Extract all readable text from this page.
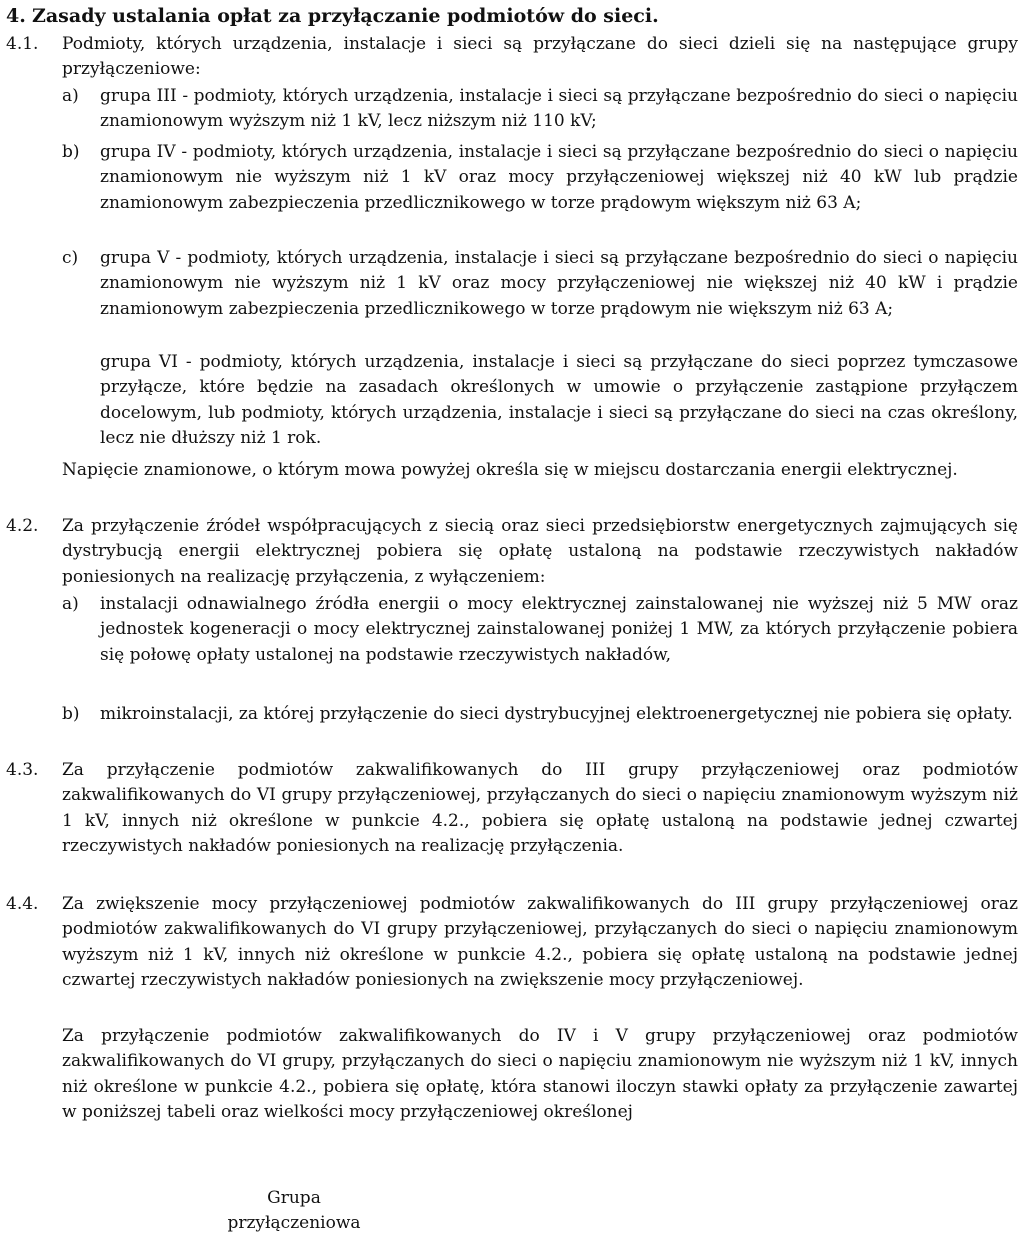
4. Zasady ustalania opłat za przyłączanie podmiotów do sieci.
4.1. Podmioty, których urządzenia, instalacje i sieci są przyłączane do sieci dzieli się na następujące grupy przyłączeniowe:
a) grupa III - podmioty, których urządzenia, instalacje i sieci są przyłączane bezpośrednio do sieci o napięciu znamionowym wyższym niż 1 kV, lecz niższym niż 110 kV;
b) grupa IV - podmioty, których urządzenia, instalacje i sieci są przyłączane bezpośrednio do sieci o napięciu znamionowym nie wyższym niż 1 kV oraz mocy przyłączeniowej większej niż 40 kW lub prądzie znamionowym zabezpieczenia przedlicznikowego w torze prądowym większym niż 63 A;
c) grupa V - podmioty, których urządzenia, instalacje i sieci są przyłączane bezpośrednio do sieci o napięciu znamionowym nie wyższym niż 1 kV oraz mocy przyłączeniowej nie większej niż 40 kW i prądzie znamionowym zabezpieczenia przedlicznikowego w torze prądowym nie większym niż 63 A;
grupa VI - podmioty, których urządzenia, instalacje i sieci są przyłączane do sieci poprzez tymczasowe przyłącze, które będzie na zasadach określonych w umowie o przyłączenie zastąpione przyłączem docelowym, lub podmioty, których urządzenia, instalacje i sieci są przyłączane do sieci na czas określony, lecz nie dłuższy niż 1 rok.
Napięcie znamionowe, o którym mowa powyżej określa się w miejscu dostarczania energii elektrycznej.
4.2. Za przyłączenie źródeł współpracujących z siecią oraz sieci przedsiębiorstw energetycznych zajmujących się dystrybucją energii elektrycznej pobiera się opłatę ustaloną na podstawie rzeczywistych nakładów poniesionych na realizację przyłączenia, z wyłączeniem:
a) instalacji odnawialnego źródła energii o mocy elektrycznej zainstalowanej nie wyższej niż 5 MW oraz jednostek kogeneracji o mocy elektrycznej zainstalowanej poniżej 1 MW, za których przyłączenie pobiera się połowę opłaty ustalonej na podstawie rzeczywistych nakładów,
b) mikroinstalacji, za której przyłączenie do sieci dystrybucyjnej elektroenergetycznej nie pobiera się opłaty.
4.3. Za przyłączenie podmiotów zakwalifikowanych do III grupy przyłączeniowej oraz podmiotów zakwalifikowanych do VI grupy przyłączeniowej, przyłączanych do sieci o napięciu znamionowym wyższym niż 1 kV, innych niż określone w punkcie 4.2., pobiera się opłatę ustaloną na podstawie jednej czwartej rzeczywistych nakładów poniesionych na realizację przyłączenia.
4.4. Za zwiększenie mocy przyłączeniowej podmiotów zakwalifikowanych do III grupy przyłączeniowej oraz podmiotów zakwalifikowanych do VI grupy przyłączeniowej, przyłączanych do sieci o napięciu znamionowym wyższym niż 1 kV, innych niż określone w punkcie 4.2., pobiera się opłatę ustaloną na podstawie jednej czwartej rzeczywistych nakładów poniesionych na zwiększenie mocy przyłączeniowej.
Za przyłączenie podmiotów zakwalifikowanych do IV i V grupy przyłączeniowej oraz podmiotów zakwalifikowanych do VI grupy, przyłączanych do sieci o napięciu znamionowym nie wyższym niż 1 kV, innych niż określone w punkcie 4.2., pobiera się opłatę, która stanowi iloczyn stawki opłaty za przyłączenie zawartej w poniższej tabeli oraz wielkości mocy przyłączeniowej określonej
Grupa przyłączeniowa
